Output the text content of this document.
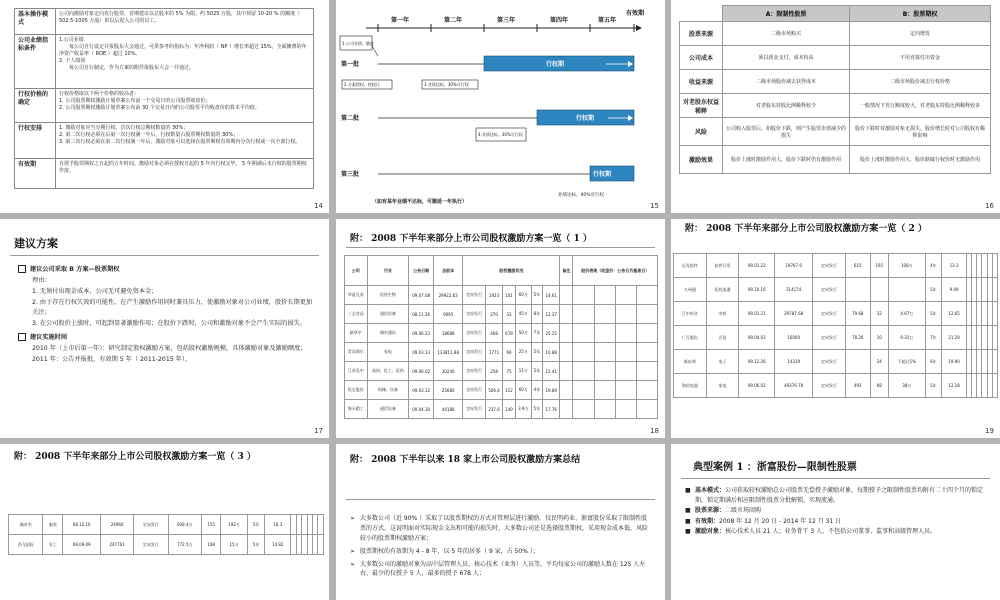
基本操作模式	公司向激励对象定向发行股票，首期建议以总股本的 5% 为限，约 5025 万股，其中预留 10-20 % 的额度（ 502.5-1005 万股）供以后进入公司的员工。
公司业绩指标条件	1.公司业绩
　　每公司自行设定并报股东大会通过，可供参考的指标为：年净利润（ NP ）增长率超过 15%，全面摊薄的年净资产收益率（ ROE ）超过 10%。
2. 个人绩效
　　每公司自行制定，作为方案的附件报股东大会一并通过。
行权价格的确定	行权价格取以下两个价格的较高者：
1. 公司股票期权激励计划草案公布前一个交易日的公司股票收盘价；
2. 公司股票期权激励计划草案公布前 30 个交易日内的公司股票平均收盘价的算术平均值。
行权安排	1. 激励对象应当分期行权，首次行权总期权数量的 30%；
2. 第二次行权必须在后第一次行权满一年后，行权数量占股票期权数量的 30%；
3. 第三次行权必须在第二次行权满一年后，激励对象可以选择在股票期权有效期内分次行权或一次全部行权。
有效期	自授予股票期权之日起的五年时间。激励对象必须在授权日起的 5 年内行权完毕。 5 年期满后未行权的股票期权作废。
14
第一年	第二年	第三年	第四年	第五年
有效期
1.公司业绩、额度
第一批	行权期
2.方案授权，授权日	3.业绩达标，30%可行权
第二批	行权期
4.业绩达标，30%可行权
第三批	行权期
业绩达标，40%可行权
（如有某年业绩不达标，可顺延一年执行）	15
	A：限制性股票	B：股票期权
股票来源	二级市场购买	定向增发
公司成本	须以现金支付，成本较高	不用直接付出资金
收益来源	二级市场股价减去获得成本	二级市场股价减去行权价格
对老股东权益稀释	对老股东持股比例稀释较少	一般情况下发行额度较大，对老股东持股比例稀释较多
风险	公司购入股票后，如股价下跌，则产生股票市值减少的损失	股价下跌时对激励对象无损失，股价增长时对公司股权有稀释影响
激励效果	股价上涨时激励作用大，股价下跌时仍有激励作用	股价上涨时激励作用大，股价跌破行权价时无激励作用
16
建议方案
建议公司采取 B 方案—股票期权
理由：
1. 无须付出现金成本，公司无可避免资本金；
2. 由于存在行权失效的可能性，在产生激励作用同时兼具压力，使激励对象对公司业绩，股价长期更加关注；
3. 在公司股价上涨时，可起到显著激励作用；在股价下跌时，公司和激励对象不会产生实际的损失。
建议实施时间
2010 年（上市后第一年）：研究制定股权激励方案，包括股权激励规模，具体激励对象及激励额度；
2011 年：公告并报批，有效期 5 年（ 2011-2015 年）。
17
附： 2008 下半年来部分上市公司股权激励方案一览（ 1 ）
公司	行业	公告日期	总股本	股权激励状况						备注	股价表现（收盘价：公告日为基准日）			
华谊兄弟	医药生物	09.07.08	29922.63	定向发行	1923	101	60万	5年	14.61					
三全食品	通信设备	08.11.26	9095	定向发行	270	33	45万	8年	12.37					
新华宇	城市通讯	09.06.23	18688	定向发行	468	678	50万	7年	25.25					
青岛海尔	家电	09.03.13	133811.88	定向发行	1771	69	25万	5年	10.88					
江苏吴中	高岗、化工、医药	09.06.02	30240	定向发行	258	75	11万	5年	15.41					
恒宝股份	机械、设备	09.03.12	25680	定向发行	506.4	152	60万	4年	19.89					
海天精工	通信设备	09.04.30	44188	定向发行	237.6	149	3.9万	5年	17.76					
18
附： 2008 下半年来部分上市公司股权激励方案一览（ 2 ）
远光软件	软件开发	09.01.22	19767.6	定向发行	615	192	108万	4年	13.3						
九州通	医药流通	09.10.16	314174	定向发行				5年	9.49						
江中药业	中药	09.01.21	29787.68	定向发行	79.68	32	4.67万	5年	12.65						
广百股份	百货	09.04.03	16000	定向发行	78.26	10	9.31万	7年	21.29						
新宙邦	电子	09.12.26	14319	定向发行		24	不超过1%	6年	19.90						
海信电器	家电	09.06.02	49376.78	定向发行	491	68	38万	5年	12.18						
19
附： 2008 下半年来部分上市公司股权激励方案一览（ 3 ）
佩奇杰	服装	08.12.16	24960	定向发行	928.4万	155	192万	5年	16.3						
西飞国际	军工	08.09.09	247761	定向发行	772.5万	108	15万	5年	14.82						
附： 2008 下半年以来 18 家上市公司股权激励方案总结
➢ 大多数公司（近 90% ）采取了以股票期权的方式对管理层进行激励，仅民明药业、浙富股份采取了限制性股票的方式，这说明面对实际现金支出和可能的损失时，大多数公司还是选择股票期权，采用现金成本低、风险较小的股票期权激励方案；
➢ 股票期权的有效期为 4 - 8 年，以 5 年的居多（ 9 家，占 50% ）；
➢ 大多数公司的激励对象为高中层管理人员、核心技术（业务）人员等，平均每家公司的激励人数在 125 人左右，最少的仅授予 5 人，最多的授予 678 人；
典型案例 1 ：浙富股份—限制性股票
■ 基本模式：公司获取较权激励总公司股票无偿授予激励对象，每期授予之限制性股票均附有二十四个月的锁定期，锁定期满后相应限制性股票分批解锁，实现流通。
■ 股票来源：二级市场回购
■ 有效期：2008 年 12 月 20 日 - 2014 年 12 月 31 日
■ 激励对象：核心技术人员 21 人；业务骨干 3 人，不包括公司董事、监事和高级管理人员。
